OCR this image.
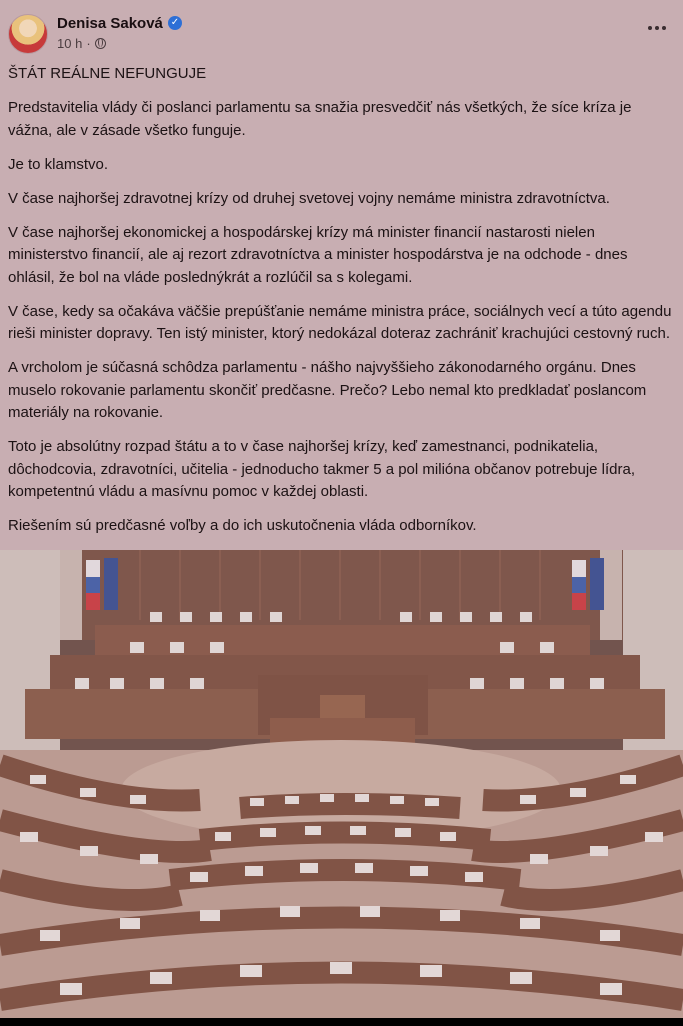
Denisa Saková ✓
10 h ·

ŠTÁT REÁLNE NEFUNGUJE

Predstavitelia vlády či poslanci parlamentu sa snažia presvedčiť nás všetkých, že síce kríza je vážna, ale v zásade všetko funguje.

Je to klamstvo.

V čase najhoršej zdravotnej krízy od druhej svetovej vojny nemáme ministra zdravotníctva.

V čase najhoršej ekonomickej a hospodárskej krízy má minister financií nastarosti nielen ministerstvo financií, ale aj rezort zdravotníctva a minister hospodárstva je na odchode - dnes ohlásil, že bol na vláde poslednýkrát a rozlúčil sa s kolegami.

V čase, kedy sa očakáva väčšie prepúšťanie nemáme ministra práce, sociálnych vecí a túto agendu rieši minister dopravy. Ten istý minister, ktorý nedokázal doteraz zachrániť krachujúci cestovný ruch.

A vrcholom je súčasná schôdza parlamentu - nášho najvyššieho zákonodarného orgánu. Dnes muselo rokovanie parlamentu skončiť predčasne. Prečo? Lebo nemal kto predkladať poslancom materiály na rokovanie.

Toto je absolútny rozpad štátu a to v čase najhoršej krízy, keď zamestnanci, podnikatelia, dôchodcovia, zdravotníci, učitelia - jednoducho takmer 5 a pol milióna občanov potrebuje lídra, kompetentnú vládu a masívnu pomoc v každej oblasti.

Riešením sú predčasné voľby a do ich uskutočnenia vláda odborníkov.
